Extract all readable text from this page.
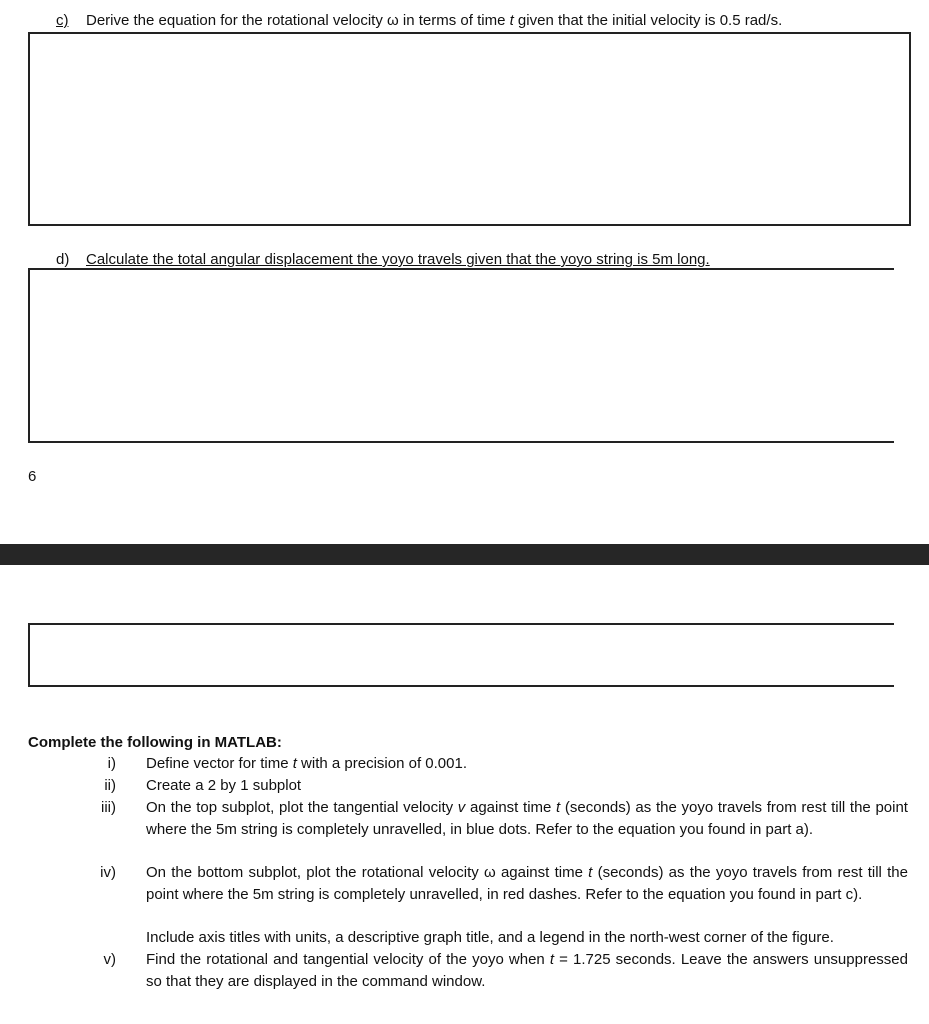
c) Derive the equation for the rotational velocity ω in terms of time t given that the initial velocity is 0.5 rad/s.
d) Calculate the total angular displacement the yoyo travels given that the yoyo string is 5m long.
6
Complete the following in MATLAB:
i) Define vector for time t with a precision of 0.001.
ii) Create a 2 by 1 subplot
iii) On the top subplot, plot the tangential velocity v against time t (seconds) as the yoyo travels from rest till the point where the 5m string is completely unravelled, in blue dots. Refer to the equation you found in part a).
iv) On the bottom subplot, plot the rotational velocity ω against time t (seconds) as the yoyo travels from rest till the point where the 5m string is completely unravelled, in red dashes. Refer to the equation you found in part c).
Include axis titles with units, a descriptive graph title, and a legend in the north-west corner of the figure.
v) Find the rotational and tangential velocity of the yoyo when t = 1.725 seconds. Leave the answers unsuppressed so that they are displayed in the command window.
